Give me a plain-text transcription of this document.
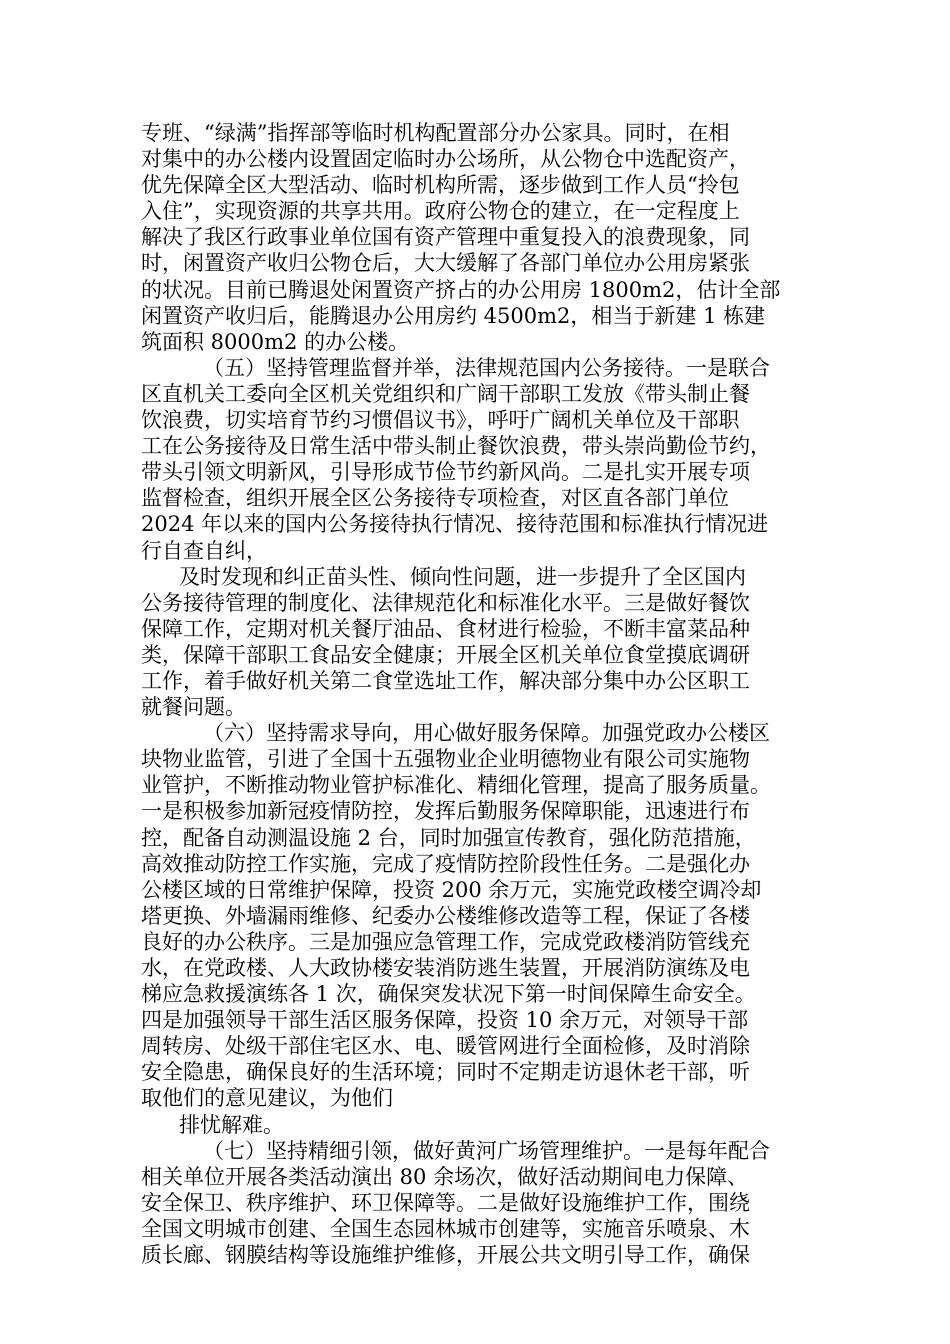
专班、“绿满”指挥部等临时机构配置部分办公家具。同时，在相
对集中的办公楼内设置固定临时办公场所，从公物仓中选配资产，
优先保障全区大型活动、临时机构所需，逐步做到工作人员“拎包
入住”，实现资源的共享共用。政府公物仓的建立，在一定程度上
解决了我区行政事业单位国有资产管理中重复投入的浪费现象，同
时，闲置资产收归公物仓后，大大缓解了各部门单位办公用房紧张
的状况。目前已腾退处闲置资产挤占的办公用房 1800m2，估计全部
闲置资产收归后，能腾退办公用房约 4500m2，相当于新建 1 栋建
筑面积 8000m2 的办公楼。
（五）坚持管理监督并举，法律规范国内公务接待。一是联合
区直机关工委向全区机关党组织和广阔干部职工发放《带头制止餐
饮浪费，切实培育节约习惯倡议书》，呼吁广阔机关单位及干部职
工在公务接待及日常生活中带头制止餐饮浪费，带头崇尚勤俭节约，
带头引领文明新风，引导形成节俭节约新风尚。二是扎实开展专项
监督检查，组织开展全区公务接待专项检查，对区直各部门单位
2024 年以来的国内公务接待执行情况、接待范围和标准执行情况进
行自查自纠，
及时发现和纠正苗头性、倾向性问题，进一步提升了全区国内
公务接待管理的制度化、法律规范化和标准化水平。三是做好餐饮
保障工作，定期对机关餐厅油品、食材进行检验，不断丰富菜品种
类，保障干部职工食品安全健康；开展全区机关单位食堂摸底调研
工作，着手做好机关第二食堂选址工作，解决部分集中办公区职工
就餐问题。
（六）坚持需求导向，用心做好服务保障。加强党政办公楼区
块物业监管，引进了全国十五强物业企业明德物业有限公司实施物
业管护，不断推动物业管护标准化、精细化管理，提高了服务质量。
一是积极参加新冠疫情防控，发挥后勤服务保障职能，迅速进行布
控，配备自动测温设施 2 台，同时加强宣传教育，强化防范措施，
高效推动防控工作实施，完成了疫情防控阶段性任务。二是强化办
公楼区域的日常维护保障，投资 200 余万元，实施党政楼空调冷却
塔更换、外墙漏雨维修、纪委办公楼维修改造等工程，保证了各楼
良好的办公秩序。三是加强应急管理工作，完成党政楼消防管线充
水，在党政楼、人大政协楼安装消防逃生装置，开展消防演练及电
梯应急救援演练各 1 次，确保突发状况下第一时间保障生命安全。
四是加强领导干部生活区服务保障，投资 10 余万元，对领导干部
周转房、处级干部住宅区水、电、暖管网进行全面检修，及时消除
安全隐患，确保良好的生活环境；同时不定期走访退休老干部，听
取他们的意见建议，为他们
排忧解难。
（七）坚持精细引领，做好黄河广场管理维护。一是每年配合
相关单位开展各类活动演出 80 余场次，做好活动期间电力保障、
安全保卫、秩序维护、环卫保障等。二是做好设施维护工作，围绕
全国文明城市创建、全国生态园林城市创建等，实施音乐喷泉、木
质长廊、钢膜结构等设施维护维修，开展公共文明引导工作，确保
